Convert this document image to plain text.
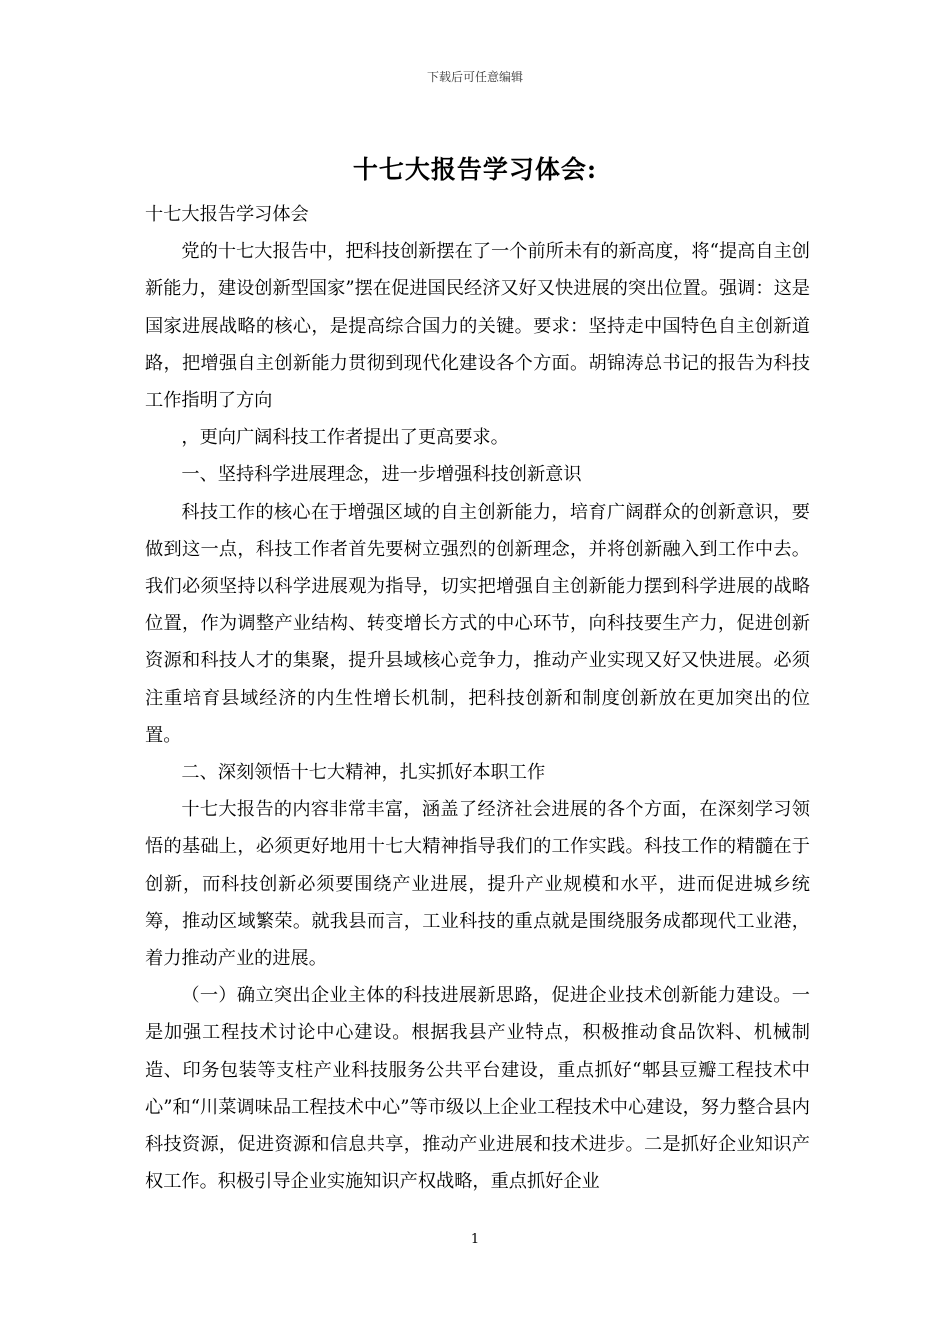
下载后可任意编辑
十七大报告学习体会:

十七大报告学习体会

党的十七大报告中，把科技创新摆在了一个前所未有的新高度，将“提高自主创新能力，建设创新型国家”摆在促进国民经济又好又快进展的突出位置。强调：这是国家进展战略的核心，是提高综合国力的关键。要求：坚持走中国特色自主创新道路，把增强自主创新能力贯彻到现代化建设各个方面。胡锦涛总书记的报告为科技工作指明了方向

，更向广阔科技工作者提出了更高要求。

一、坚持科学进展理念，进一步增强科技创新意识

科技工作的核心在于增强区域的自主创新能力，培育广阔群众的创新意识，要做到这一点，科技工作者首先要树立强烈的创新理念，并将创新融入到工作中去。我们必须坚持以科学进展观为指导，切实把增强自主创新能力摆到科学进展的战略位置，作为调整产业结构、转变增长方式的中心环节，向科技要生产力，促进创新资源和科技人才的集聚，提升县域核心竞争力，推动产业实现又好又快进展。必须注重培育县域经济的内生性增长机制，把科技创新和制度创新放在更加突出的位置。

二、深刻领悟十七大精神，扎实抓好本职工作

十七大报告的内容非常丰富，涵盖了经济社会进展的各个方面，在深刻学习领悟的基础上，必须更好地用十七大精神指导我们的工作实践。科技工作的精髓在于创新，而科技创新必须要围绕产业进展，提升产业规模和水平，进而促进城乡统筹，推动区域繁荣。就我县而言，工业科技的重点就是围绕服务成都现代工业港，着力推动产业的进展。

（一）确立突出企业主体的科技进展新思路，促进企业技术创新能力建设。一是加强工程技术讨论中心建设。根据我县产业特点，积极推动食品饮料、机械制造、印务包装等支柱产业科技服务公共平台建设，重点抓好“郫县豆瓣工程技术中心”和“川菜调味品工程技术中心”等市级以上企业工程技术中心建设，努力整合县内科技资源，促进资源和信息共享，推动产业进展和技术进步。二是抓好企业知识产权工作。积极引导企业实施知识产权战略，重点抓好企业

1
